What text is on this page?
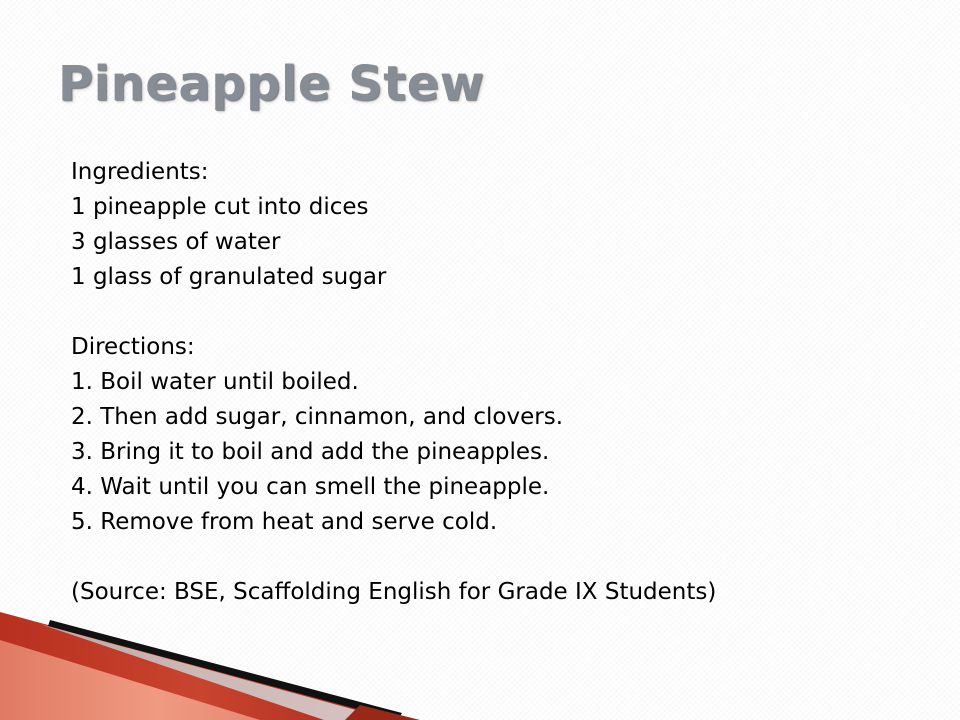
Pineapple Stew

Ingredients:

1 pineapple cut into dices

3 glasses of water

1 glass of granulated sugar

Directions:

1. Boil water until boiled.

2. Then add sugar, cinnamon, and clovers.

3. Bring it to boil and add the pineapples.

4. Wait until you can smell the pineapple.

5. Remove from heat and serve cold.

(Source: BSE, Scaffolding English for Grade IX Students)
